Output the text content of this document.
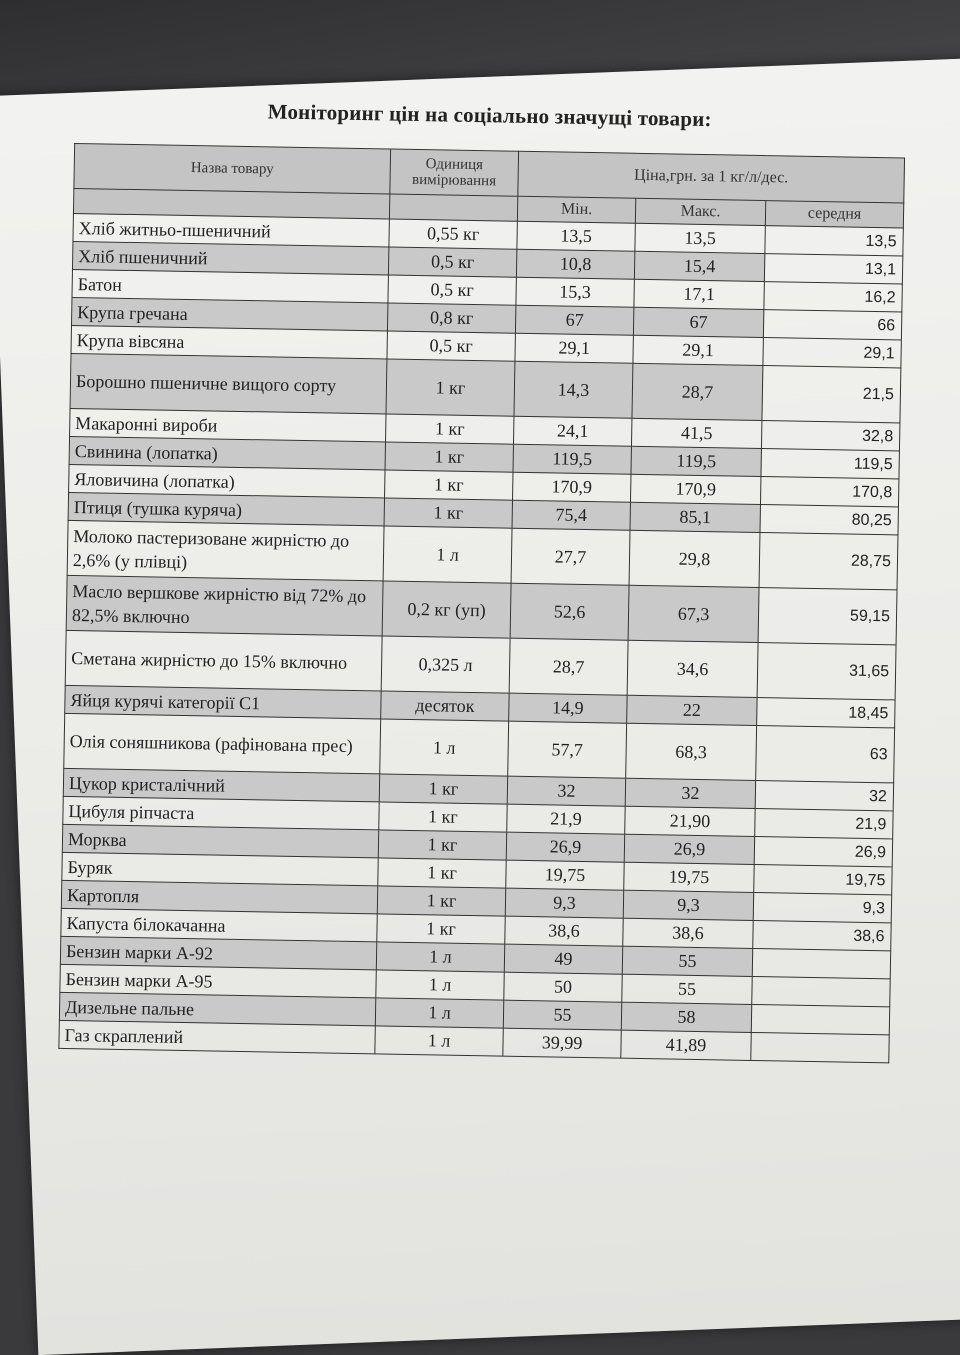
Моніторинг цін на соціально значущі товари:
Назва товару	Одиниця вимірювання	Ціна,грн. за 1 кг/л/дес.		
		Мін.	Макс.	середня
Хліб житньо-пшеничний	0,55 кг	13,5	13,5	13,5
Хліб пшеничний	0,5 кг	10,8	15,4	13,1
Батон	0,5 кг	15,3	17,1	16,2
Крупа гречана	0,8 кг	67	67	66
Крупа вівсяна	0,5 кг	29,1	29,1	29,1
Борошно пшеничне вищого сорту	1 кг	14,3	28,7	21,5
Макаронні вироби	1 кг	24,1	41,5	32,8
Свинина (лопатка)	1 кг	119,5	119,5	119,5
Яловичина (лопатка)	1 кг	170,9	170,9	170,8
Птиця (тушка куряча)	1 кг	75,4	85,1	80,25
Молоко пастеризоване жирністю до 2,6% (у плівці)	1 л	27,7	29,8	28,75
Масло вершкове жирністю від 72% до 82,5% включно	0,2 кг (уп)	52,6	67,3	59,15
Сметана жирністю до 15% включно	0,325 л	28,7	34,6	31,65
Яйця курячі категорії С1	десяток	14,9	22	18,45
Олія соняшникова (рафінована прес)	1 л	57,7	68,3	63
Цукор кристалічний	1 кг	32	32	32
Цибуля ріпчаста	1 кг	21,9	21,90	21,9
Морква	1 кг	26,9	26,9	26,9
Буряк	1 кг	19,75	19,75	19,75
Картопля	1 кг	9,3	9,3	9,3
Капуста білокачанна	1 кг	38,6	38,6	38,6
Бензин марки А-92	1 л	49	55	
Бензин марки А-95	1 л	50	55	
Дизельне пальне	1 л	55	58	
Газ скраплений	1 л	39,99	41,89	
